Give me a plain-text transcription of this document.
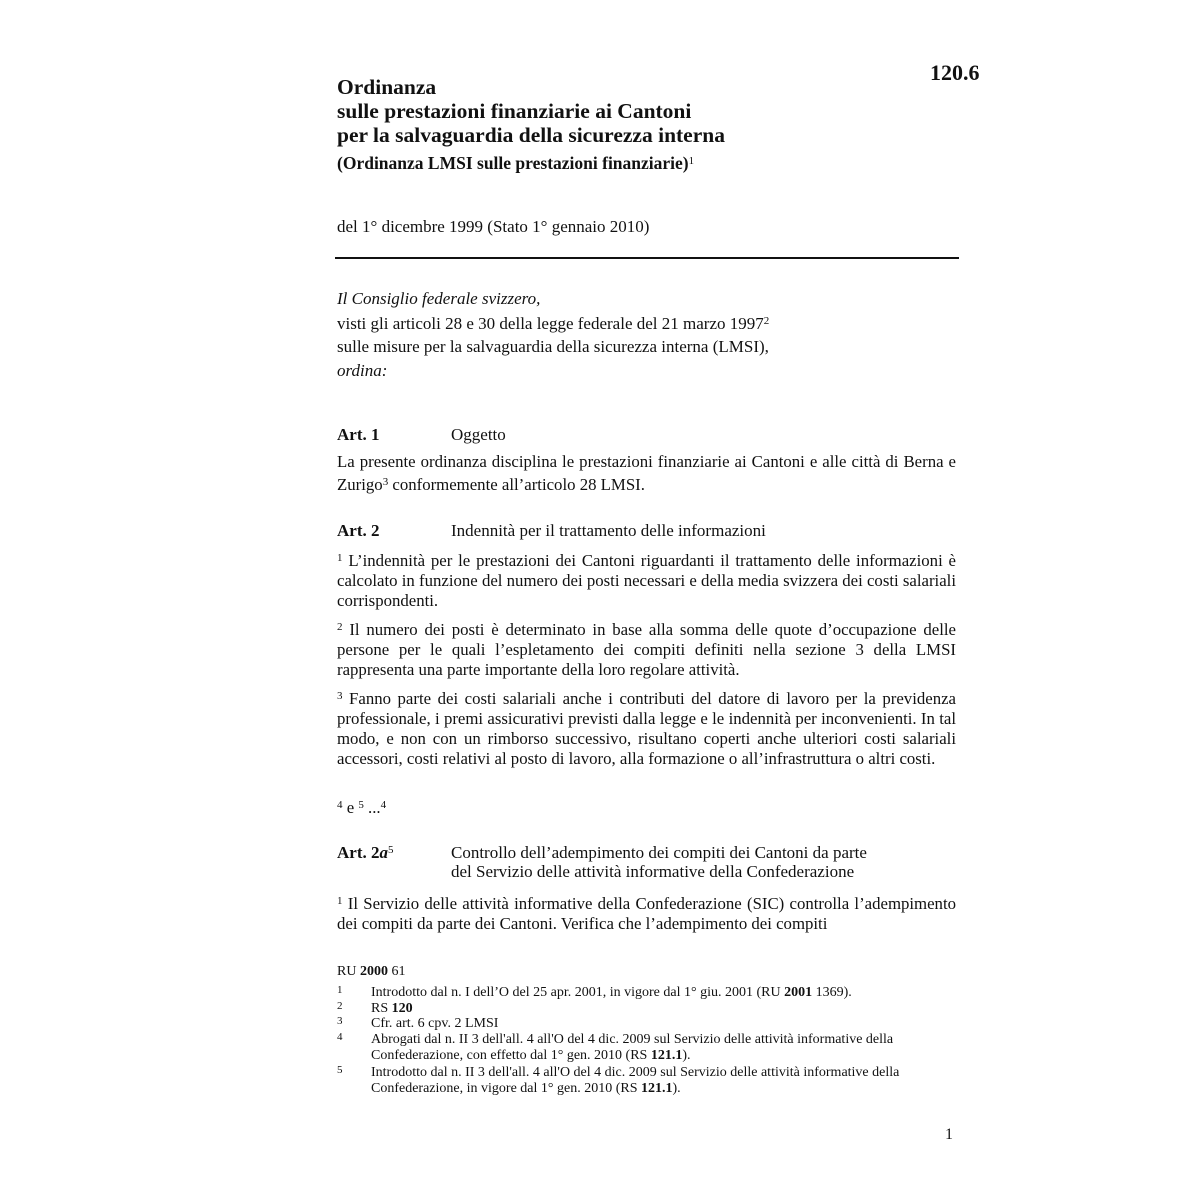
120.6
Ordinanza
sulle prestazioni finanziarie ai Cantoni
per la salvaguardia della sicurezza interna
(Ordinanza LMSI sulle prestazioni finanziarie)$^1$
del 1° dicembre 1999 (Stato 1° gennaio 2010)
Il Consiglio federale svizzero,
visti gli articoli 28 e 30 della legge federale del 21 marzo 1997$^2$
sulle misure per la salvaguardia della sicurezza interna (LMSI),
ordina:
Art. 1	Oggetto
La presente ordinanza disciplina le prestazioni finanziarie ai Cantoni e alle città di Berna e Zurigo$^3$ conformemente all’articolo 28 LMSI.
Art. 2	Indennità per il trattamento delle informazioni
$^1$ L’indennità per le prestazioni dei Cantoni riguardanti il trattamento delle informazioni è calcolato in funzione del numero dei posti necessari e della media svizzera dei costi salariali corrispondenti.
$^2$ Il numero dei posti è determinato in base alla somma delle quote d’occupazione delle persone per le quali l’espletamento dei compiti definiti nella sezione 3 della LMSI rappresenta una parte importante della loro regolare attività.
$^3$ Fanno parte dei costi salariali anche i contributi del datore di lavoro per la previdenza professionale, i premi assicurativi previsti dalla legge e le indennità per inconvenienti. In tal modo, e non con un rimborso successivo, risultano coperti anche ulteriori costi salariali accessori, costi relativi al posto di lavoro, alla formazione o all’infrastruttura o altri costi.
$^4$ e $^5$ ...$^4$
Art. $2a^5$	Controllo dell’adempimento dei compiti dei Cantoni da parte
del Servizio delle attività informative della Confederazione
$^1$ Il Servizio delle attività informative della Confederazione (SIC) controlla l’adempimento dei compiti da parte dei Cantoni. Verifica che l’adempimento dei compiti
RU 2000 61
1 Introdotto dal n. I dell’O del 25 apr. 2001, in vigore dal 1° giu. 2001 (RU 2001 1369).
2 RS 120
3 Cfr. art. 6 cpv. 2 LMSI
4 Abrogati dal n. II 3 dell'all. 4 all'O del 4 dic. 2009 sul Servizio delle attività informative della Confederazione, con effetto dal 1° gen. 2010 (RS 121.1).
5 Introdotto dal n. II 3 dell'all. 4 all'O del 4 dic. 2009 sul Servizio delle attività informative della Confederazione, in vigore dal 1° gen. 2010 (RS 121.1).
1
